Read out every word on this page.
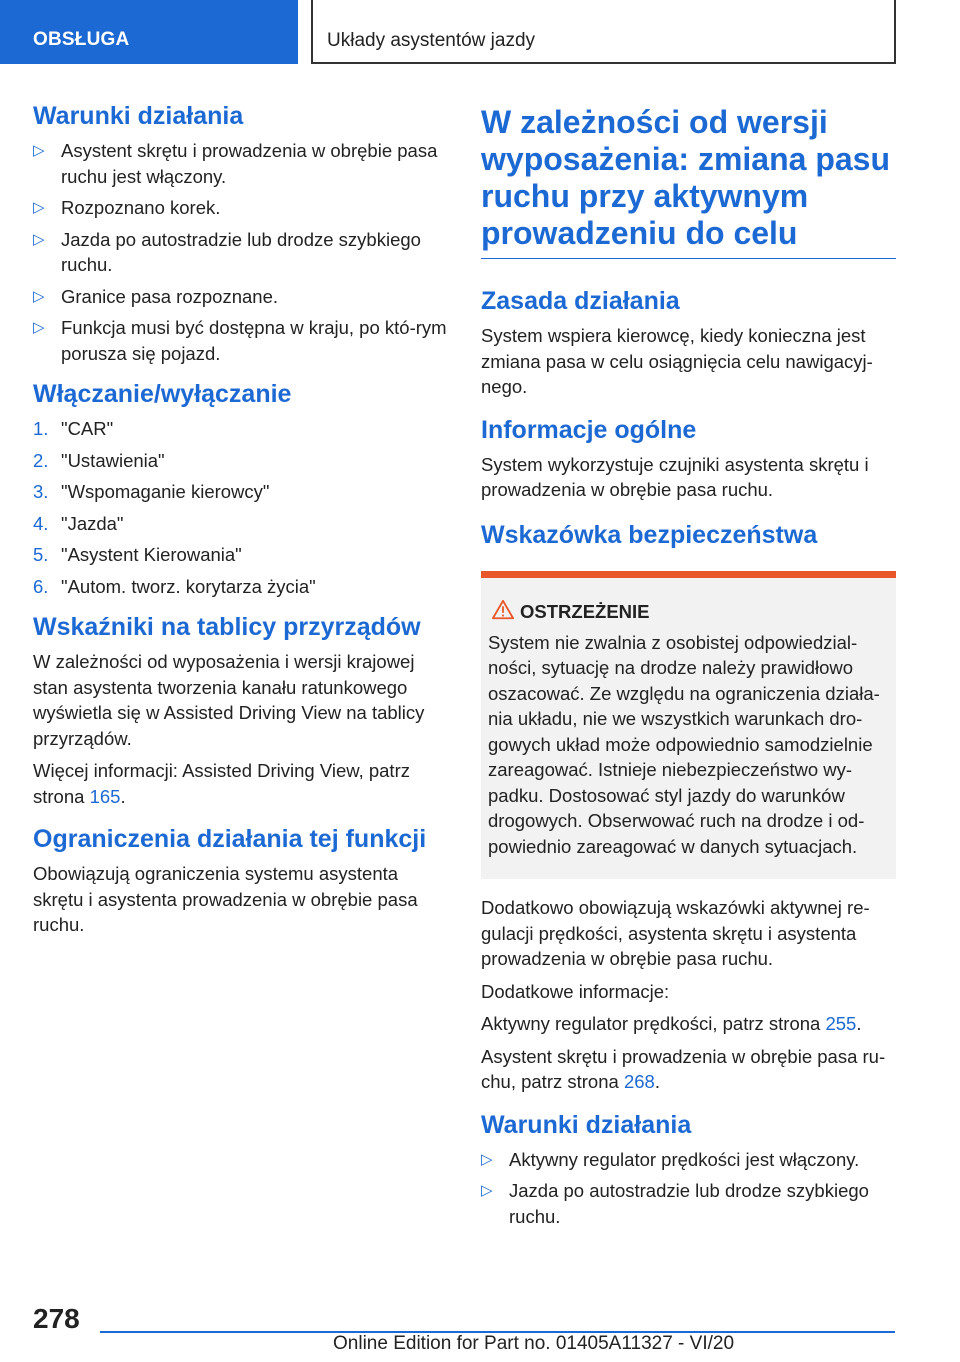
OBSŁUGA	Układy asystentów jazdy
Warunki działania
▷ Asystent skrętu i prowadzenia w obrębie pasa ruchu jest włączony.
▷ Rozpoznano korek.
▷ Jazda po autostradzie lub drodze szybkiego ruchu.
▷ Granice pasa rozpoznane.
▷ Funkcja musi być dostępna w kraju, po któ-rym porusza się pojazd.
Włączanie/wyłączanie
1. "CAR"
2. "Ustawienia"
3. "Wspomaganie kierowcy"
4. "Jazda"
5. "Asystent Kierowania"
6. "Autom. tworz. korytarza życia"
Wskaźniki na tablicy przyrządów

W zależności od wyposażenia i wersji krajowej stan asystenta tworzenia kanału ratunkowego wyświetla się w Assisted Driving View na tablicy przyrządów.

Więcej informacji: Assisted Driving View, patrz strona 165.

Ograniczenia działania tej funkcji

Obowiązują ograniczenia systemu asystenta skrętu i asystenta prowadzenia w obrębie pasa ruchu.

W zależności od wersji wyposażenia: zmiana pasu ruchu przy aktywnym prowadzeniu do celu
Zasada działania

System wspiera kierowcę, kiedy konieczna jest zmiana pasa w celu osiągnięcia celu nawigacyj-nego.

Informacje ogólne

System wykorzystuje czujniki asystenta skrętu i prowadzenia w obrębie pasa ruchu.

Wskazówka bezpieczeństwa
OSTRZEŻENIE

System nie zwalnia z osobistej odpowiedzial-ności, sytuację na drodze należy prawidłowo oszacować. Ze względu na ograniczenia działa-nia układu, nie we wszystkich warunkach dro-gowych układ może odpowiednio samodzielnie zareagować. Istnieje niebezpieczeństwo wy-padku. Dostosować styl jazdy do warunków drogowych. Obserwować ruch na drodze i od-powiednio zareagować w danych sytuacjach.

Dodatkowo obowiązują wskazówki aktywnej re-gulacji prędkości, asystenta skrętu i asystenta prowadzenia w obrębie pasa ruchu.

Dodatkowe informacje:

Aktywny regulator prędkości, patrz strona 255.

Asystent skrętu i prowadzenia w obrębie pasa ru-chu, patrz strona 268.

Warunki działania
▷ Aktywny regulator prędkości jest włączony.
▷ Jazda po autostradzie lub drodze szybkiego ruchu.
278
Online Edition for Part no. 01405A11327 - VI/20
